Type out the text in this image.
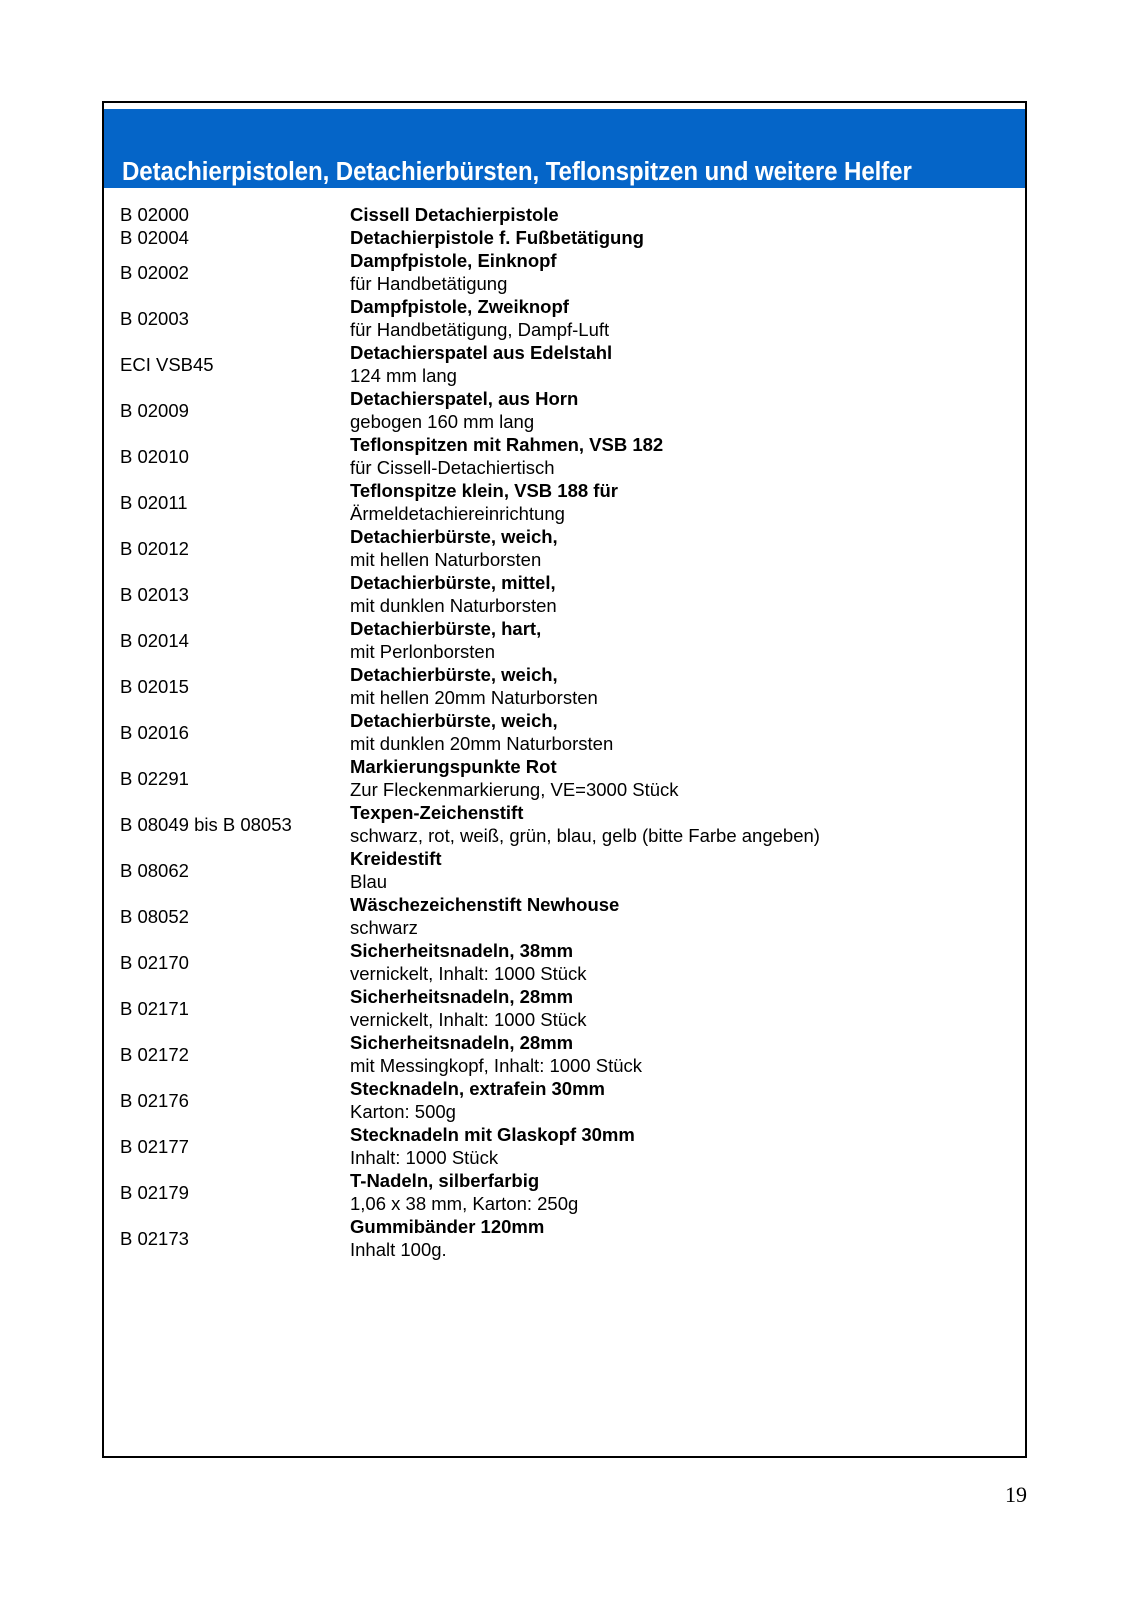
Detachierpistolen, Detachierbürsten, Teflonspitzen und weitere Helfer
B 02000	Cissell Detachierpistole
B 02004	Detachierpistole f. Fußbetätigung
B 02002
Dampfpistole, Einknopf
für Handbetätigung
B 02003
Dampfpistole, Zweiknopf
für Handbetätigung, Dampf-Luft
ECI VSB45
Detachierspatel aus Edelstahl
124 mm lang
B 02009
Detachierspatel, aus Horn
gebogen 160 mm lang
B 02010
Teflonspitzen mit Rahmen, VSB 182
für Cissell-Detachiertisch
B 02011
Teflonspitze klein, VSB 188 für
Ärmeldetachiereinrichtung
B 02012
Detachierbürste, weich,
mit hellen Naturborsten
B 02013
Detachierbürste, mittel,
mit dunklen Naturborsten
B 02014
Detachierbürste, hart,
mit Perlonborsten
B 02015
Detachierbürste, weich,
mit hellen 20mm Naturborsten
B 02016
Detachierbürste, weich,
mit dunklen 20mm Naturborsten
B 02291
Markierungspunkte Rot
Zur Fleckenmarkierung, VE=3000 Stück
B 08049 bis B 08053
Texpen-Zeichenstift
schwarz, rot, weiß, grün, blau, gelb (bitte Farbe angeben)
B 08062
Kreidestift
Blau
B 08052
Wäschezeichenstift Newhouse
schwarz
B 02170
Sicherheitsnadeln, 38mm
vernickelt, Inhalt: 1000 Stück
B 02171
Sicherheitsnadeln, 28mm
vernickelt, Inhalt: 1000 Stück
B 02172
Sicherheitsnadeln, 28mm
mit Messingkopf, Inhalt: 1000 Stück
B 02176
Stecknadeln, extrafein 30mm
Karton: 500g
B 02177
Stecknadeln mit Glaskopf 30mm
Inhalt: 1000 Stück
B 02179
T-Nadeln, silberfarbig
1,06 x 38 mm, Karton: 250g
B 02173
Gummibänder 120mm
Inhalt 100g.
19
